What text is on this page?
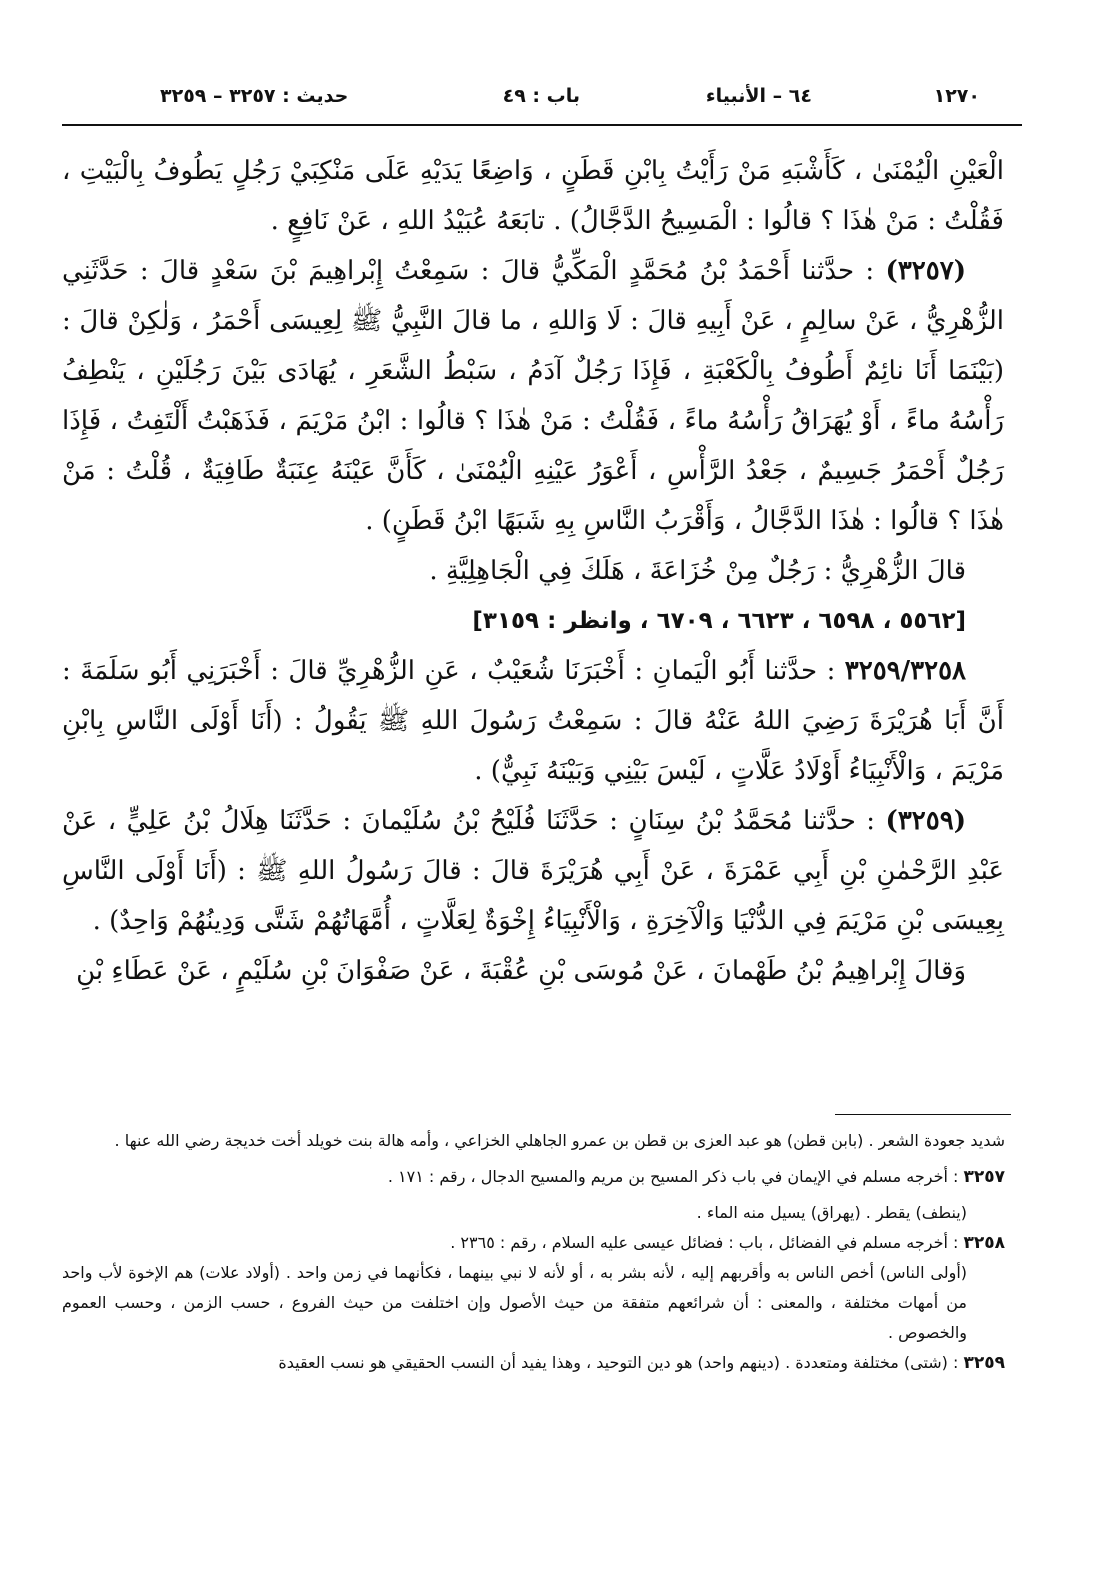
١٢٧٠
٦٤ – الأنبياء
باب : ٤٩
حديث : ٣٢٥٧ – ٣٢٥٩

الْعَيْنِ الْيُمْنَىٰ ، كَأَشْبَهِ مَنْ رَأَيْتُ بِابْنِ قَطَنٍ ، وَاضِعًا يَدَيْهِ عَلَى مَنْكِبَيْ رَجُلٍ يَطُوفُ بِالْبَيْتِ ، فَقُلْتُ : مَنْ هٰذَا ؟ قالُوا : الْمَسِيحُ الدَّجَّالُ) . تابَعَهُ عُبَيْدُ اللهِ ، عَنْ نَافِعٍ .

(٣٢٥٧) : حدَّثنا أَحْمَدُ بْنُ مُحَمَّدٍ الْمَكِّيُّ قالَ : سَمِعْتُ إِبْراهِيمَ بْنَ سَعْدٍ قالَ : حَدَّثَنِي الزُّهْرِيُّ ، عَنْ سالِمٍ ، عَنْ أَبِيهِ قالَ : لَا وَاللهِ ، ما قالَ النَّبِيُّ ﷺ لِعِيسَى أَحْمَرُ ، وَلٰكِنْ قالَ : (بَيْنَمَا أَنَا نائِمٌ أَطُوفُ بِالْكَعْبَةِ ، فَإِذَا رَجُلٌ آدَمُ ، سَبْطُ الشَّعَرِ ، يُهَادَى بَيْنَ رَجُلَيْنِ ، يَنْطِفُ رَأْسُهُ ماءً ، أَوْ يُهَرَاقُ رَأْسُهُ ماءً ، فَقُلْتُ : مَنْ هٰذَا ؟ قالُوا : ابْنُ مَرْيَمَ ، فَذَهَبْتُ أَلْتَفِتُ ، فَإِذَا رَجُلٌ أَحْمَرُ جَسِيمٌ ، جَعْدُ الرَّأْسِ ، أَعْوَرُ عَيْنِهِ الْيُمْنَىٰ ، كَأَنَّ عَيْنَهُ عِنَبَةٌ طَافِيَةٌ ، قُلْتُ : مَنْ هٰذَا ؟ قالُوا : هٰذَا الدَّجَّالُ ، وَأَقْرَبُ النَّاسِ بِهِ شَبَهًا ابْنُ قَطَنٍ) .

قالَ الزُّهْرِيُّ : رَجُلٌ مِنْ خُزَاعَةَ ، هَلَكَ فِي الْجَاهِلِيَّةِ .

[٥٥٦٢ ، ٦٥٩٨ ، ٦٦٢٣ ، ٦٧٠٩ ، وانظر : ٣١٥٩]

٣٢٥٩/٣٢٥٨ : حدَّثنا أَبُو الْيَمانِ : أَخْبَرَنَا شُعَيْبٌ ، عَنِ الزُّهْرِيِّ قالَ : أَخْبَرَنِي أَبُو سَلَمَةَ : أَنَّ أَبَا هُرَيْرَةَ رَضِيَ اللهُ عَنْهُ قالَ : سَمِعْتُ رَسُولَ اللهِ ﷺ يَقُولُ : (أَنَا أَوْلَى النَّاسِ بِابْنِ مَرْيَمَ ، وَالْأَنْبِيَاءُ أَوْلَادُ عَلَّاتٍ ، لَيْسَ بَيْنِي وَبَيْنَهُ نَبِيٌّ) .

(٣٢٥٩) : حدَّثنا مُحَمَّدُ بْنُ سِنَانٍ : حَدَّثَنَا فُلَيْحُ بْنُ سُلَيْمانَ : حَدَّثَنَا هِلَالُ بْنُ عَلِيٍّ ، عَنْ عَبْدِ الرَّحْمٰنِ بْنِ أَبِي عَمْرَةَ ، عَنْ أَبِي هُرَيْرَةَ قالَ : قالَ رَسُولُ اللهِ ﷺ : (أَنَا أَوْلَى النَّاسِ بِعِيسَى بْنِ مَرْيَمَ فِي الدُّنْيَا وَالْآخِرَةِ ، وَالْأَنْبِيَاءُ إِخْوَةٌ لِعَلَّاتٍ ، أُمَّهَاتُهُمْ شَتَّى وَدِينُهُمْ وَاحِدٌ) .

وَقالَ إِبْراهِيمُ بْنُ طَهْمانَ ، عَنْ مُوسَى بْنِ عُقْبَةَ ، عَنْ صَفْوَانَ بْنِ سُلَيْمٍ ، عَنْ عَطَاءِ بْنِ

شديد جعودة الشعر . (بابن قطن) هو عبد العزى بن قطن بن عمرو الجاهلي الخزاعي ، وأمه هالة بنت خويلد أخت خديجة رضي الله عنها .

٣٢٥٧ : أخرجه مسلم في الإيمان في باب ذكر المسيح بن مريم والمسيح الدجال ، رقم : ١٧١ .

(ينطف) يقطر . (يهراق) يسيل منه الماء .

٣٢٥٨ : أخرجه مسلم في الفضائل ، باب : فضائل عيسى عليه السلام ، رقم : ٢٣٦٥ .

(أولى الناس) أخص الناس به وأقربهم إليه ، لأنه بشر به ، أو لأنه لا نبي بينهما ، فكأنهما في زمن واحد . (أولاد علات) هم الإخوة لأب واحد من أمهات مختلفة ، والمعنى : أن شرائعهم متفقة من حيث الأصول وإن اختلفت من حيث الفروع ، حسب الزمن ، وحسب العموم والخصوص .

٣٢٥٩ : (شتى) مختلفة ومتعددة . (دينهم واحد) هو دين التوحيد ، وهذا يفيد أن النسب الحقيقي هو نسب العقيدة
